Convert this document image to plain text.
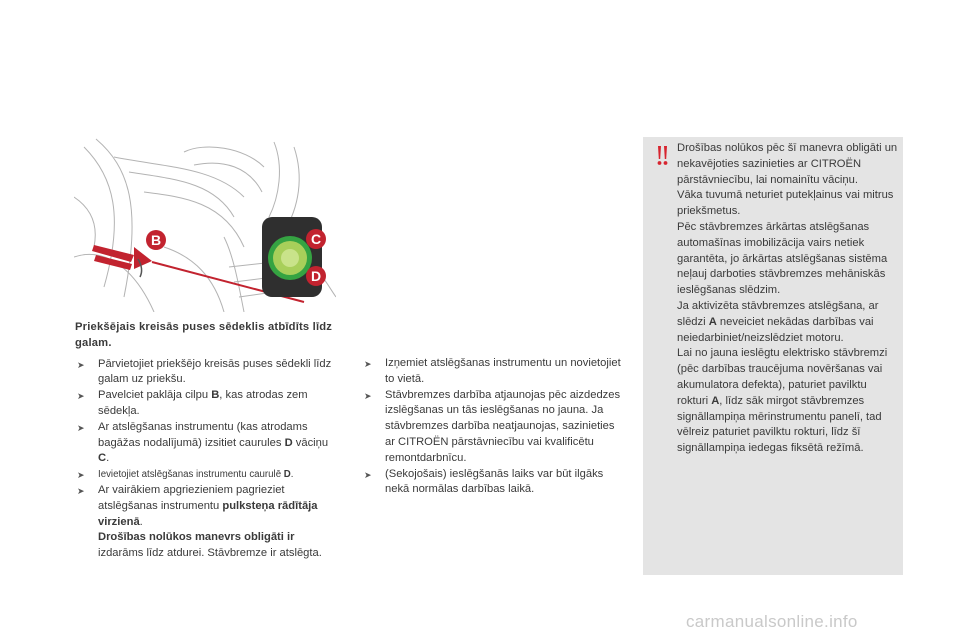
B	C
D
Priekšējais kreisās puses sēdeklis atbīdīts līdz galam.
➤ Pārvietojiet priekšējo kreisās puses sēdekli līdz galam uz priekšu.

➤ Pavelciet paklāja cilpu B, kas atrodas zem sēdekļa.

➤ Ar atslēgšanas instrumentu (kas atrodams bagāžas nodalījumā) izsitiet caurules D vāciņu C.

➤ Ievietojiet atslēgšanas instrumentu caurulē D.

➤ Ar vairākiem apgriezieniem pagrieziet atslēgšanas instrumentu pulksteņa rādītāja virzienā.

Drošības nolūkos manevrs obligāti ir izdarāms līdz atdurei. Stāvbremze ir atslēgta.

➤ Izņemiet atslēgšanas instrumentu un novietojiet to vietā.

➤ Stāvbremzes darbība atjaunojas pēc aizdedzes izslēgšanas un tās ieslēgšanas no jauna. Ja stāvbremzes darbība neatjaunojas, sazinieties ar CITROËN pārstāvniecību vai kvalificētu remontdarbnīcu.

➤ (Sekojošais) ieslēgšanās laiks var būt ilgāks nekā normālas darbības laikā.

Drošības nolūkos pēc šī manevra obligāti un nekavējoties sazinieties ar CITROËN pārstāvniecību, lai nomainītu vāciņu.

Vāka tuvumā neturiet putekļainus vai mitrus priekšmetus.

Pēc stāvbremzes ārkārtas atslēgšanas automašīnas imobilizācija vairs netiek garantēta, jo ārkārtas atslēgšanas sistēma neļauj darboties stāvbremzes mehāniskās ieslēgšanas slēdzim.

Ja aktivizēta stāvbremzes atslēgšana, ar slēdzi A neveiciet nekādas darbības vai neiedarbiniet/neizslēdziet motoru.

Lai no jauna ieslēgtu elektrisko stāvbremzi (pēc darbības traucējuma novēršanas vai akumulatora defekta), paturiet pavilktu rokturi A, līdz sāk mirgot stāvbremzes signāllampiņa mērinstrumentu panelī, tad vēlreiz paturiet pavilktu rokturi, līdz šī signāllampiņa iedegas fiksētā režīmā.

carmanualsonline.info
